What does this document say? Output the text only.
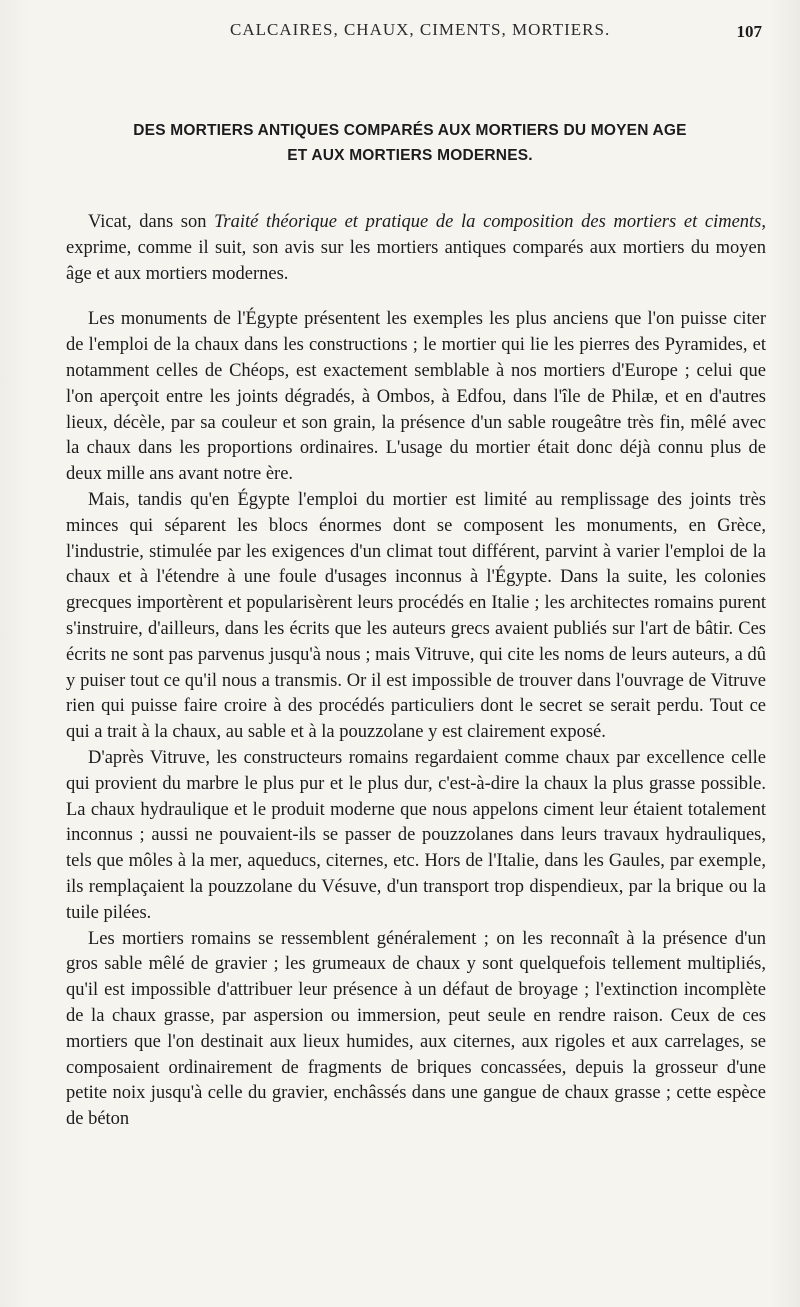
CALCAIRES, CHAUX, CIMENTS, MORTIERS.	107
DES MORTIERS ANTIQUES COMPARÉS AUX MORTIERS DU MOYEN AGE
ET AUX MORTIERS MODERNES.

Vicat, dans son Traité théorique et pratique de la composition des mortiers et ciments, exprime, comme il suit, son avis sur les mortiers antiques comparés aux mortiers du moyen âge et aux mortiers modernes.

Les monuments de l'Égypte présentent les exemples les plus anciens que l'on puisse citer de l'emploi de la chaux dans les constructions ; le mortier qui lie les pierres des Pyramides, et notamment celles de Chéops, est exactement semblable à nos mortiers d'Europe ; celui que l'on aperçoit entre les joints dégradés, à Ombos, à Edfou, dans l'île de Philæ, et en d'autres lieux, décèle, par sa couleur et son grain, la présence d'un sable rougeâtre très fin, mêlé avec la chaux dans les proportions ordinaires. L'usage du mortier était donc déjà connu plus de deux mille ans avant notre ère.

Mais, tandis qu'en Égypte l'emploi du mortier est limité au remplissage des joints très minces qui séparent les blocs énormes dont se composent les monuments, en Grèce, l'industrie, stimulée par les exigences d'un climat tout différent, parvint à varier l'emploi de la chaux et à l'étendre à une foule d'usages inconnus à l'Égypte. Dans la suite, les colonies grecques importèrent et popularisèrent leurs procédés en Italie ; les architectes romains purent s'instruire, d'ailleurs, dans les écrits que les auteurs grecs avaient publiés sur l'art de bâtir. Ces écrits ne sont pas parvenus jusqu'à nous ; mais Vitruve, qui cite les noms de leurs auteurs, a dû y puiser tout ce qu'il nous a transmis. Or il est impossible de trouver dans l'ouvrage de Vitruve rien qui puisse faire croire à des procédés particuliers dont le secret se serait perdu. Tout ce qui a trait à la chaux, au sable et à la pouzzolane y est clairement exposé.

D'après Vitruve, les constructeurs romains regardaient comme chaux par excellence celle qui provient du marbre le plus pur et le plus dur, c'est-à-dire la chaux la plus grasse possible. La chaux hydraulique et le produit moderne que nous appelons ciment leur étaient totalement inconnus ; aussi ne pouvaient-ils se passer de pouzzolanes dans leurs travaux hydrauliques, tels que môles à la mer, aqueducs, citernes, etc. Hors de l'Italie, dans les Gaules, par exemple, ils remplaçaient la pouzzolane du Vésuve, d'un transport trop dispendieux, par la brique ou la tuile pilées.

Les mortiers romains se ressemblent généralement ; on les reconnaît à la présence d'un gros sable mêlé de gravier ; les grumeaux de chaux y sont quelquefois tellement multipliés, qu'il est impossible d'attribuer leur présence à un défaut de broyage ; l'extinction incomplète de la chaux grasse, par aspersion ou immersion, peut seule en rendre raison. Ceux de ces mortiers que l'on destinait aux lieux humides, aux citernes, aux rigoles et aux carrelages, se composaient ordinairement de fragments de briques concassées, depuis la grosseur d'une petite noix jusqu'à celle du gravier, enchâssés dans une gangue de chaux grasse ; cette espèce de béton
